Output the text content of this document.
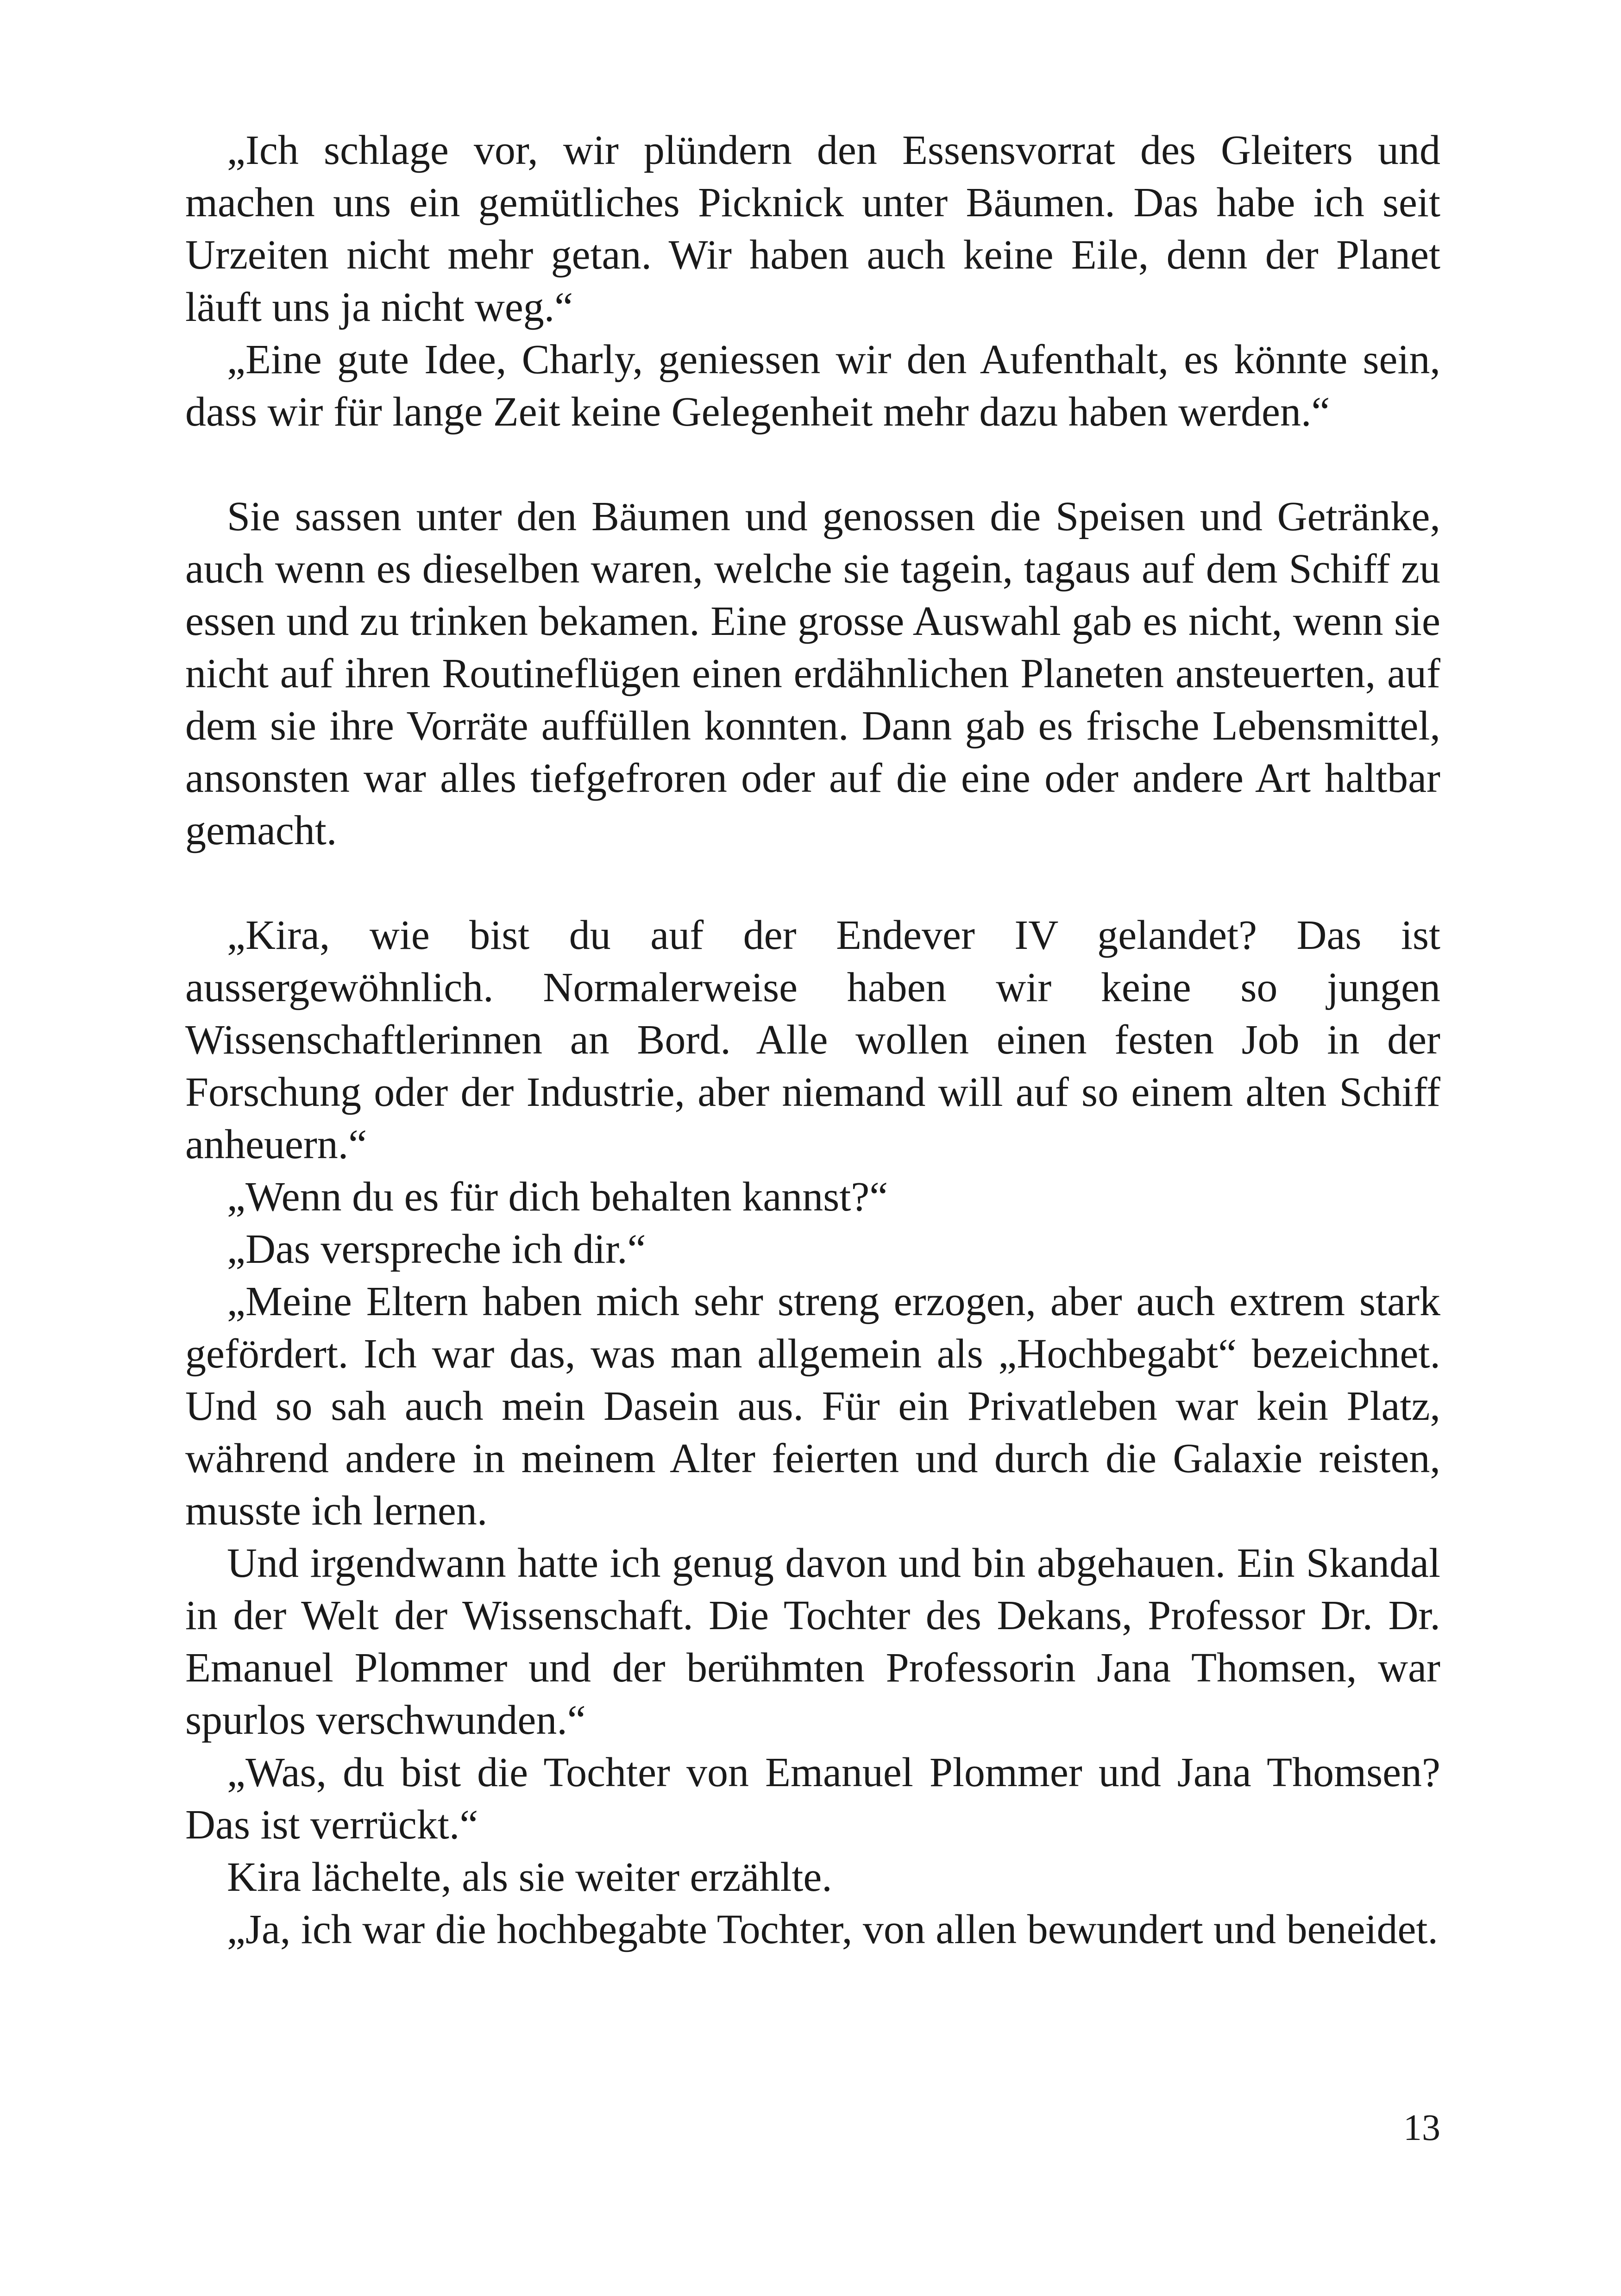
„Ich schlage vor, wir plündern den Essensvorrat des Gleiters und machen uns ein gemütliches Picknick unter Bäumen. Das habe ich seit Urzeiten nicht mehr getan. Wir haben auch keine Eile, denn der Planet läuft uns ja nicht weg.“

„Eine gute Idee, Charly, geniessen wir den Aufenthalt, es könnte sein, dass wir für lange Zeit keine Gelegenheit mehr dazu haben werden.“

Sie sassen unter den Bäumen und genossen die Speisen und Getränke, auch wenn es dieselben waren, welche sie tagein, tagaus auf dem Schiff zu essen und zu trinken bekamen. Eine grosse Auswahl gab es nicht, wenn sie nicht auf ihren Routineflügen einen erdähnlichen Planeten ansteuerten, auf dem sie ihre Vorräte auffüllen konnten. Dann gab es frische Lebensmittel, ansonsten war alles tiefgefroren oder auf die eine oder andere Art haltbar gemacht.

„Kira, wie bist du auf der Endever IV gelandet? Das ist aussergewöhnlich. Normalerweise haben wir keine so jungen Wissenschaftlerinnen an Bord. Alle wollen einen festen Job in der Forschung oder der Industrie, aber niemand will auf so einem alten Schiff anheuern.“

„Wenn du es für dich behalten kannst?“

„Das verspreche ich dir.“

„Meine Eltern haben mich sehr streng erzogen, aber auch extrem stark gefördert. Ich war das, was man allgemein als „Hochbegabt“ bezeichnet. Und so sah auch mein Dasein aus. Für ein Privatleben war kein Platz, während andere in meinem Alter feierten und durch die Galaxie reisten, musste ich lernen.

Und irgendwann hatte ich genug davon und bin abgehauen. Ein Skandal in der Welt der Wissenschaft. Die Tochter des Dekans, Professor Dr. Dr. Emanuel Plommer und der berühmten Professorin Jana Thomsen, war spurlos verschwunden.“

„Was, du bist die Tochter von Emanuel Plommer und Jana Thomsen? Das ist verrückt.“

Kira lächelte, als sie weiter erzählte.

„Ja, ich war die hochbegabte Tochter, von allen bewundert und beneidet.

13
